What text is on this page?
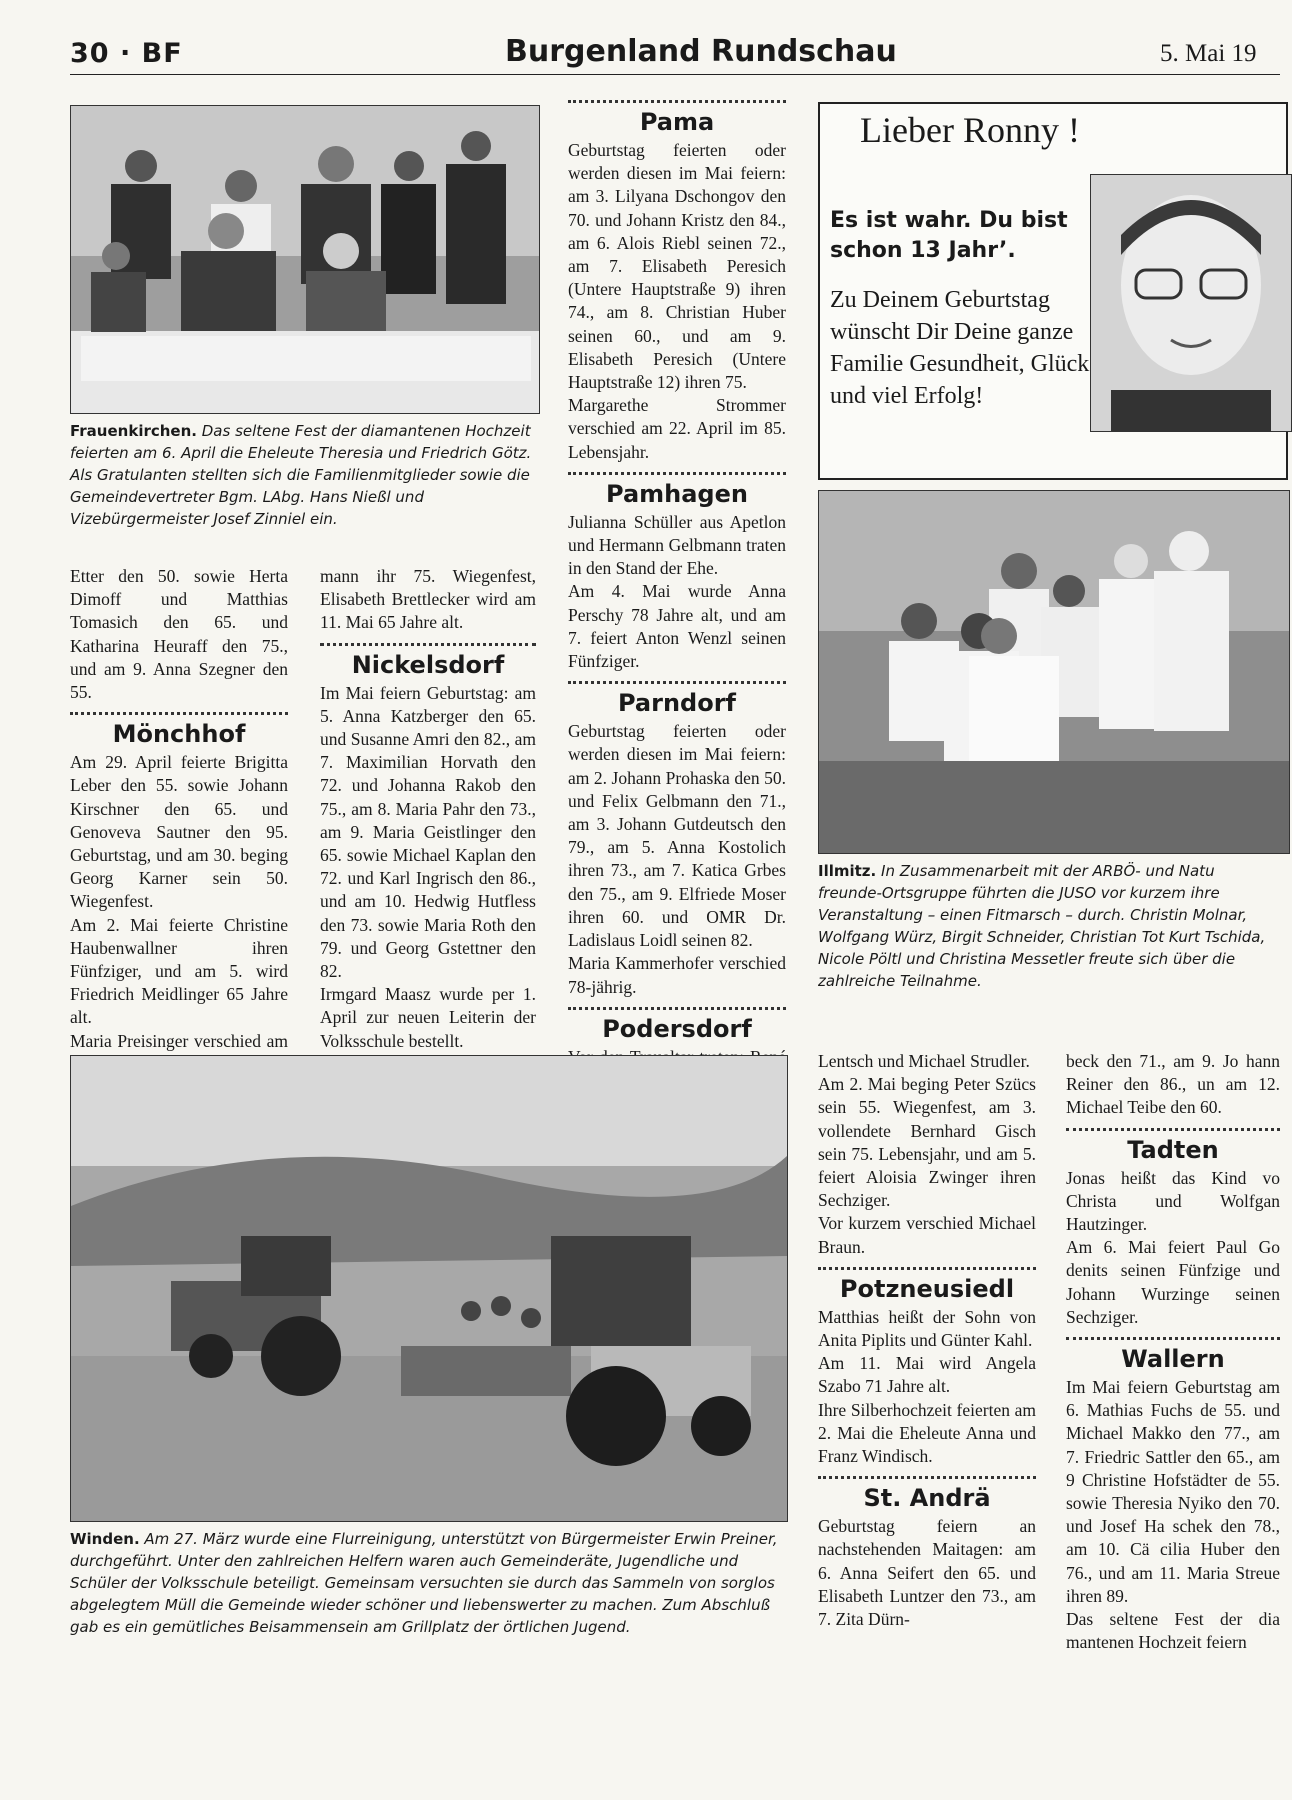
30 · BF	Burgenland Rundschau	5. Mai 19
Frauenkirchen. Das seltene Fest der diamantenen Hochzeit feierten am 6. April die Eheleute Theresia und Friedrich Götz. Als Gratulanten stellten sich die Familienmitglieder sowie die Gemeindevertreter Bgm. LAbg. Hans Nießl und Vizebürgermeister Josef Zinniel ein.

Etter den 50. sowie Herta Dimoff und Matthias Tomasich den 65. und Katharina Heuraff den 75., und am 9. Anna Szegner den 55.

Mönchhof

Am 29. April feierte Brigitta Leber den 55. sowie Johann Kirschner den 65. und Genoveva Sautner den 95. Geburtstag, und am 30. beging Georg Karner sein 50. Wiegenfest.

Am 2. Mai feierte Christine Haubenwallner ihren Fünfziger, und am 5. wird Friedrich Meidlinger 65 Jahre alt.

Maria Preisinger verschied am

mann ihr 75. Wiegenfest, Elisabeth Brettlecker wird am 11. Mai 65 Jahre alt.

Nickelsdorf

Im Mai feiern Geburtstag: am 5. Anna Katzberger den 65. und Susanne Amri den 82., am 7. Maximilian Horvath den 72. und Johanna Rakob den 75., am 8. Maria Pahr den 73., am 9. Maria Geistlinger den 65. sowie Michael Kaplan den 72. und Karl Ingrisch den 86., und am 10. Hedwig Hutfless den 73. sowie Maria Roth den 79. und Georg Gstettner den 82.

Irmgard Maasz wurde per 1. April zur neuen Leiterin der Volksschule bestellt.

Pama

Geburtstag feierten oder werden diesen im Mai feiern: am 3. Lilyana Dschongov den 70. und Johann Kristz den 84., am 6. Alois Riebl seinen 72., am 7. Elisabeth Peresich (Untere Hauptstraße 9) ihren 74., am 8. Christian Huber seinen 60., und am 9. Elisabeth Peresich (Untere Hauptstraße 12) ihren 75.

Margarethe Strommer verschied am 22. April im 85. Lebensjahr.

Pamhagen

Julianna Schüller aus Apetlon und Hermann Gelbmann traten in den Stand der Ehe.

Am 4. Mai wurde Anna Perschy 78 Jahre alt, und am 7. feiert Anton Wenzl seinen Fünfziger.

Parndorf

Geburtstag feierten oder werden diesen im Mai feiern: am 2. Johann Prohaska den 50. und Felix Gelbmann den 71., am 3. Johann Gutdeutsch den 79., am 5. Anna Kostolich ihren 73., am 7. Katica Grbes den 75., am 9. Elfriede Moser ihren 60. und OMR Dr. Ladislaus Loidl seinen 82.

Maria Kammerhofer verschied 78-jährig.

Podersdorf

Lieber Ronny !
Es ist wahr. Du bist schon 13 Jahr’.
Zu Deinem Geburtstag wünscht Dir Deine ganze Familie Gesundheit, Glück und viel Erfolg!
Illmitz. In Zusammenarbeit mit der ARBÖ- und Natu freunde-Ortsgruppe führten die JUSO vor kurzem ihre Veranstaltung – einen Fitmarsch – durch. Christin Molnar, Wolfgang Würz, Birgit Schneider, Christian Tot Kurt Tschida, Nicole Pöltl und Christina Messetler freute sich über die zahlreiche Teilnahme.

Lentsch und Michael Strudler.

Am 2. Mai beging Peter Szücs sein 55. Wiegenfest, am 3. vollendete Bernhard Gisch sein 75. Lebensjahr, und am 5. feiert Aloisia Zwinger ihren Sechziger.

Vor kurzem verschied Michael Braun.

Potzneusiedl

Matthias heißt der Sohn von Anita Piplits und Günter Kahl.

Am 11. Mai wird Angela Szabo 71 Jahre alt.

Ihre Silberhochzeit feierten am 2. Mai die Eheleute Anna und Franz Windisch.

St. Andrä

Geburtstag feiern an nachstehenden Maitagen: am 6. Anna Seifert den 65. und Elisabeth Luntzer den 73., am 7. Zita Dürn-

beck den 71., am 9. Jo hann Reiner den 86., un am 12. Michael Teibe den 60.

Tadten

Jonas heißt das Kind vo Christa und Wolfgan Hautzinger.

Am 6. Mai feiert Paul Go denits seinen Fünfzige und Johann Wurzinge seinen Sechziger.

Wallern

Im Mai feiern Geburtstag am 6. Mathias Fuchs de 55. und Michael Makko den 77., am 7. Friedric Sattler den 65., am 9 Christine Hofstädter de 55. sowie Theresia Nyiko den 70. und Josef Ha schek den 78., am 10. Cä cilia Huber den 76., und am 11. Maria Streue ihren 89.

Das seltene Fest der dia mantenen Hochzeit feiern

Winden. Am 27. März wurde eine Flurreinigung, unterstützt von Bürgermeister Erwin Preiner, durchgeführt. Unter den zahlreichen Helfern waren auch Gemeinderäte, Jugendliche und Schüler der Volksschule beteiligt. Gemeinsam versuchten sie durch das Sammeln von sorglos abgelegtem Müll die Gemeinde wieder schöner und liebenswerter zu machen. Zum Abschluß gab es ein gemütliches Beisammensein am Grillplatz der örtlichen Jugend.
